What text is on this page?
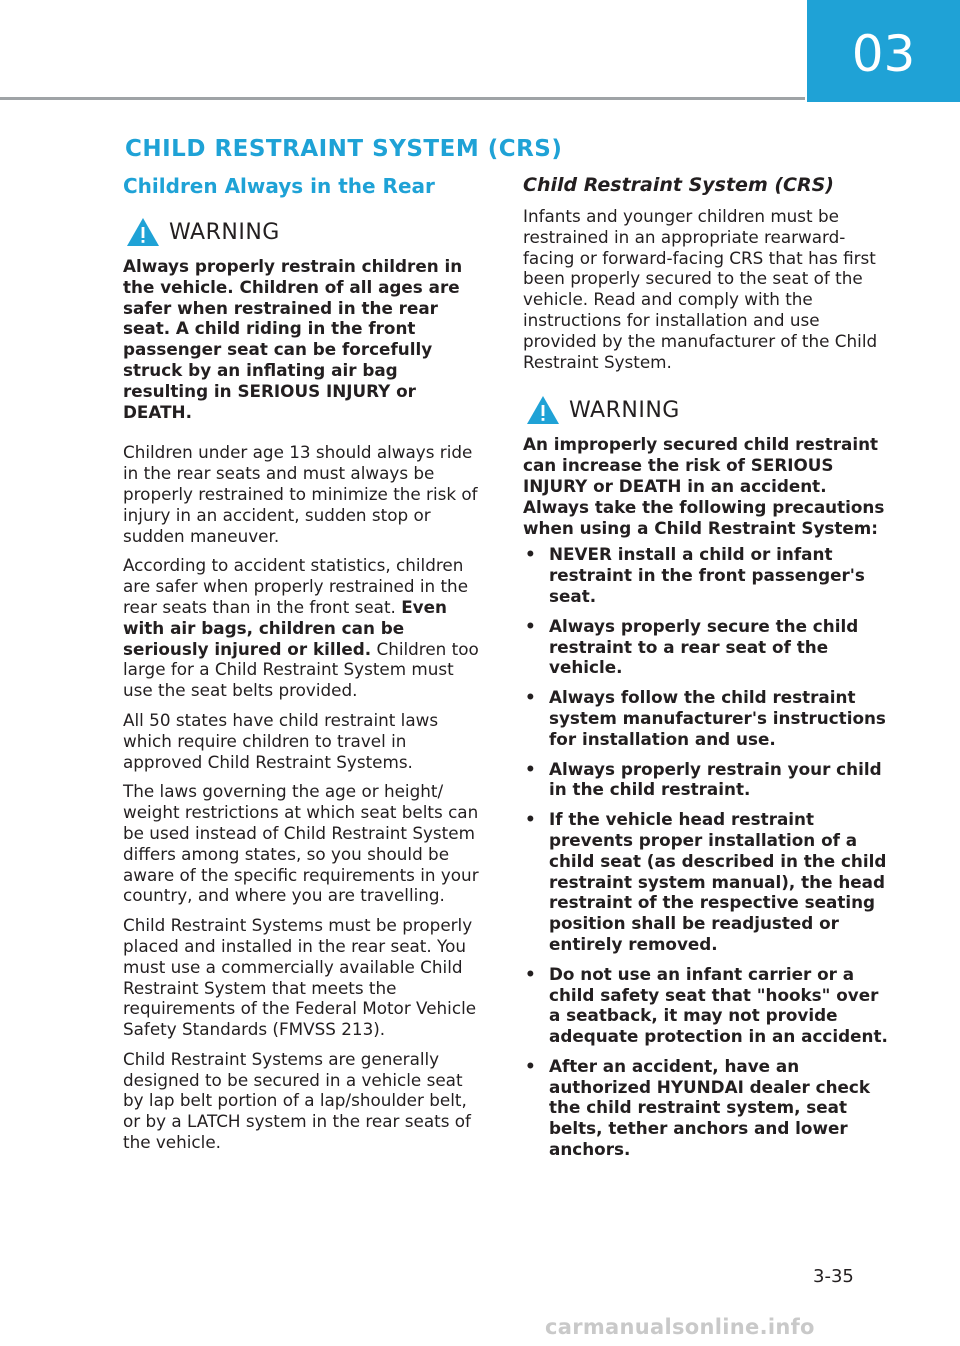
03
CHILD RESTRAINT SYSTEM (CRS)
Children Always in the Rear
WARNING

Always properly restrain children in the vehicle. Children of all ages are safer when restrained in the rear seat. A child riding in the front passenger seat can be forcefully struck by an inflating air bag resulting in SERIOUS INJURY or DEATH.

Children under age 13 should always ride in the rear seats and must always be properly restrained to minimize the risk of injury in an accident, sudden stop or sudden maneuver.

According to accident statistics, children are safer when properly restrained in the rear seats than in the front seat. Even with air bags, children can be seriously injured or killed. Children too large for a Child Restraint System must use the seat belts provided.

All 50 states have child restraint laws which require children to travel in approved Child Restraint Systems.

The laws governing the age or height/ weight restrictions at which seat belts can be used instead of Child Restraint System differs among states, so you should be aware of the specific requirements in your country, and where you are travelling.

Child Restraint Systems must be properly placed and installed in the rear seat. You must use a commercially available Child Restraint System that meets the requirements of the Federal Motor Vehicle Safety Standards (FMVSS 213).

Child Restraint Systems are generally designed to be secured in a vehicle seat by lap belt portion of a lap/shoulder belt, or by a LATCH system in the rear seats of the vehicle.

Child Restraint System (CRS)

Infants and younger children must be restrained in an appropriate rearward-facing or forward-facing CRS that has first been properly secured to the seat of the vehicle. Read and comply with the instructions for installation and use provided by the manufacturer of the Child Restraint System.

WARNING

An improperly secured child restraint can increase the risk of SERIOUS INJURY or DEATH in an accident. Always take the following precautions when using a Child Restraint System:

• NEVER install a child or infant restraint in the front passenger's seat.
• Always properly secure the child restraint to a rear seat of the vehicle.
• Always follow the child restraint system manufacturer's instructions for installation and use.
• Always properly restrain your child in the child restraint.
• If the vehicle head restraint prevents proper installation of a child seat (as described in the child restraint system manual), the head restraint of the respective seating position shall be readjusted or entirely removed.
• Do not use an infant carrier or a child safety seat that "hooks" over a seatback, it may not provide adequate protection in an accident.
• After an accident, have an authorized HYUNDAI dealer check the child restraint system, seat belts, tether anchors and lower anchors.
3-35
carmanualsonline.info
